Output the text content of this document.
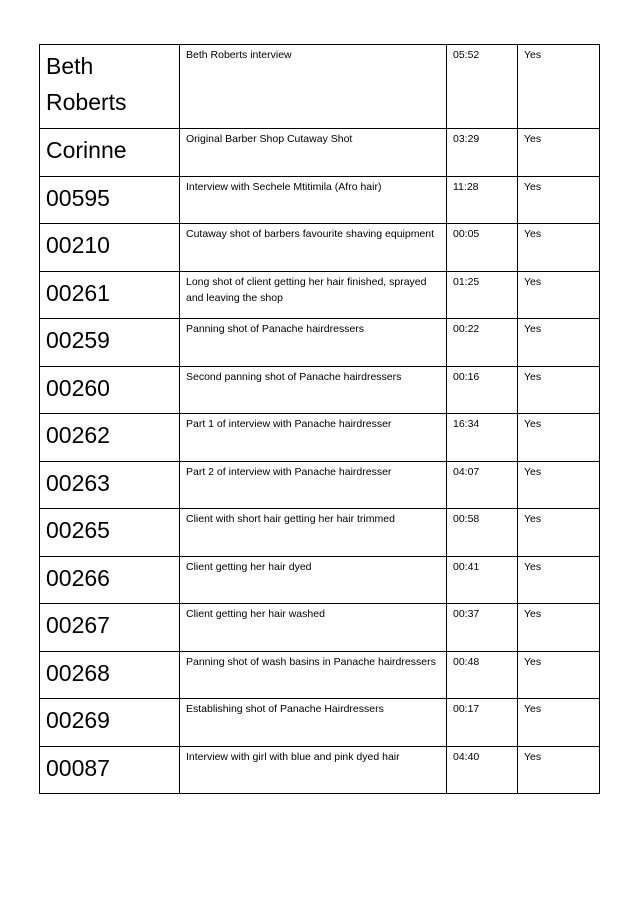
Beth Roberts	Beth Roberts interview	05:52	Yes
Corinne	Original Barber Shop Cutaway Shot	03:29	Yes
00595	Interview with Sechele Mtitimila (Afro hair)	11:28	Yes
00210	Cutaway shot of barbers favourite shaving equipment	00:05	Yes
00261	Long shot of client getting her hair finished, sprayed and leaving the shop	01:25	Yes
00259	Panning shot of Panache hairdressers	00:22	Yes
00260	Second panning shot of Panache hairdressers	00:16	Yes
00262	Part 1 of interview with Panache hairdresser	16:34	Yes
00263	Part 2 of interview with Panache hairdresser	04:07	Yes
00265	Client with short hair getting her hair trimmed	00:58	Yes
00266	Client getting her hair dyed	00:41	Yes
00267	Client getting her hair washed	00:37	Yes
00268	Panning shot of wash basins in Panache hairdressers	00:48	Yes
00269	Establishing shot of Panache Hairdressers	00:17	Yes
00087	Interview with girl with blue and pink dyed hair	04:40	Yes
